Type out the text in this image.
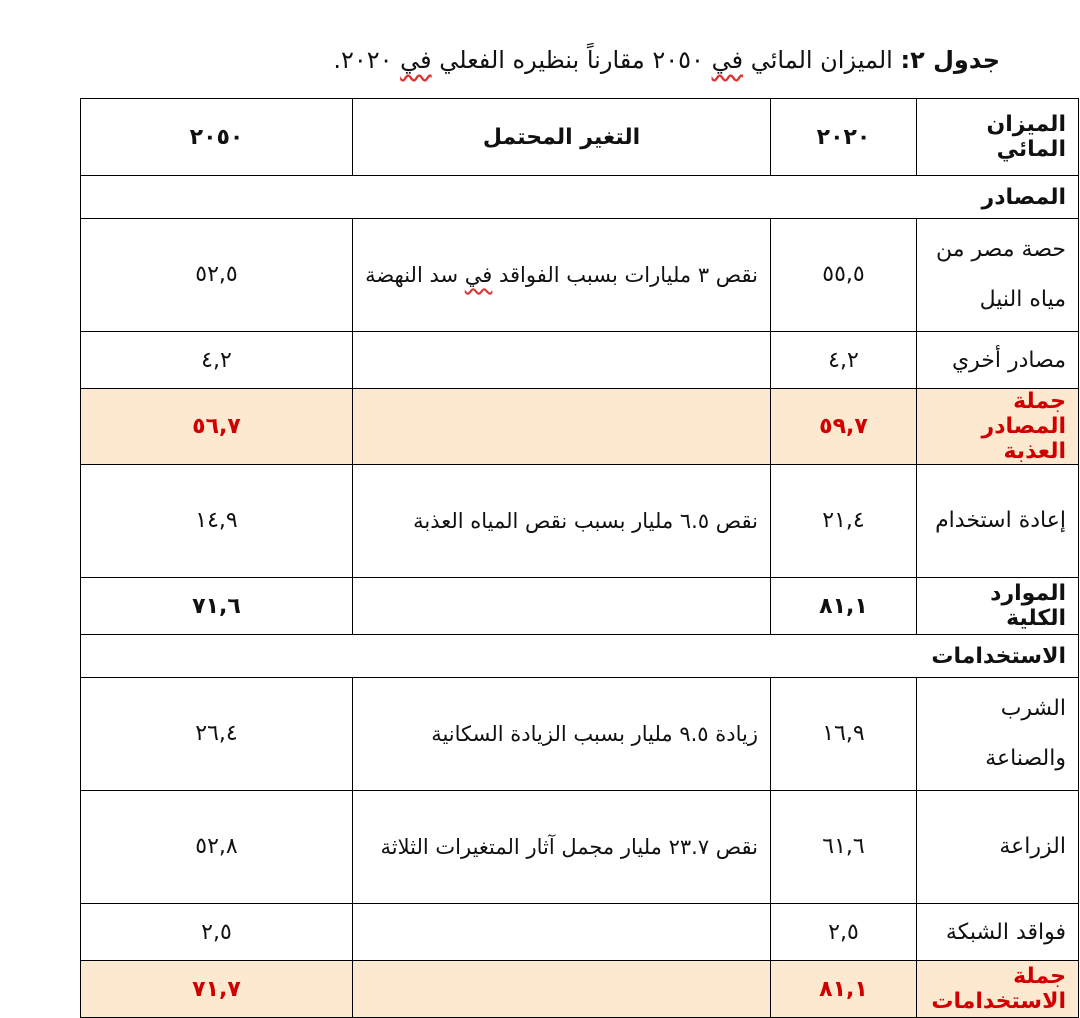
جدول ٢: الميزان المائي في ٢٠٥٠ مقارناً بنظيره الفعلي في ٢٠٢٠.
الميزان المائي	٢٠٢٠	التغير المحتمل	٢٠٥٠
المصادر			
حصة مصر من مياه النيل	٥٥,٥	نقص ٣ مليارات بسبب الفواقد في سد النهضة	٥٢,٥
مصادر أخري	٤,٢		٤,٢
جملة المصادر العذبة	٥٩,٧		٥٦,٧
إعادة استخدام	٢١,٤	نقص ٦.٥ مليار بسبب نقص المياه العذبة	١٤,٩
الموارد الكلية	٨١,١		٧١,٦
الاستخدامات			
الشرب والصناعة	١٦,٩	زيادة ٩.٥ مليار بسبب الزيادة السكانية	٢٦,٤
الزراعة	٦١,٦	نقص ٢٣.٧ مليار مجمل آثار المتغيرات الثلاثة	٥٢,٨
فواقد الشبكة	٢,٥		٢,٥
جملة الاستخدامات	٨١,١		٧١,٧
